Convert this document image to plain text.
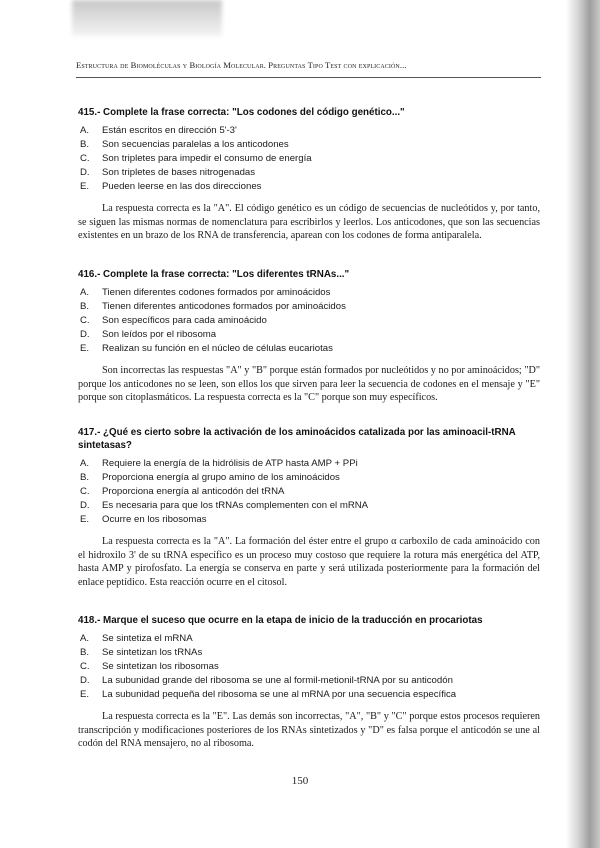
Estructura de Biomoléculas y Biología Molecular. Preguntas Tipo Test con explicación...
415.- Complete la frase correcta: "Los codones del código genético..."
A.	Están escritos en dirección 5'-3'
B.	Son secuencias paralelas a los anticodones
C.	Son tripletes para impedir el consumo de energía
D.	Son tripletes de bases nitrogenadas
E.	Pueden leerse en las dos direcciones

La respuesta correcta es la "A". El código genético es un código de secuencias de nucleótidos y, por tanto, se siguen las mismas normas de nomenclatura para escribirlos y leerlos. Los anticodones, que son las secuencias existentes en un brazo de los RNA de transferencia, aparean con los codones de forma antiparalela.

416.- Complete la frase correcta: "Los diferentes tRNAs..."
A.	Tienen diferentes codones formados por aminoácidos
B.	Tienen diferentes anticodones formados por aminoácidos
C.	Son específicos para cada aminoácido
D.	Son leídos por el ribosoma
E.	Realizan su función en el núcleo de células eucariotas

Son incorrectas las respuestas "A" y "B" porque están formados por nucleótidos y no por aminoácidos; "D" porque los anticodones no se leen, son ellos los que sirven para leer la secuencia de codones en el mensaje y "E" porque son citoplasmáticos. La respuesta correcta es la "C" porque son muy específicos.

417.- ¿Qué es cierto sobre la activación de los aminoácidos catalizada por las aminoacil-tRNA sintetasas?
A.	Requiere la energía de la hidrólisis de ATP hasta AMP + PPi
B.	Proporciona energía al grupo amino de los aminoácidos
C.	Proporciona energía al anticodón del tRNA
D.	Es necesaria para que los tRNAs complementen con el mRNA
E.	Ocurre en los ribosomas

La respuesta correcta es la "A". La formación del éster entre el grupo α carboxilo de cada aminoácido con el hidroxilo 3' de su tRNA específico es un proceso muy costoso que requiere la rotura más energética del ATP, hasta AMP y pirofosfato. La energía se conserva en parte y será utilizada posteriormente para la formación del enlace peptídico. Esta reacción ocurre en el citosol.

418.- Marque el suceso que ocurre en la etapa de inicio de la traducción en procariotas
A.	Se sintetiza el mRNA
B.	Se sintetizan los tRNAs
C.	Se sintetizan los ribosomas
D.	La subunidad grande del ribosoma se une al formil-metionil-tRNA por su anticodón
E.	La subunidad pequeña del ribosoma se une al mRNA por una secuencia específica

La respuesta correcta es la "E". Las demás son incorrectas, "A", "B" y "C" porque estos procesos requieren transcripción y modificaciones posteriores de los RNAs sintetizados y "D" es falsa porque el anticodón se une al codón del RNA mensajero, no al ribosoma.

150
